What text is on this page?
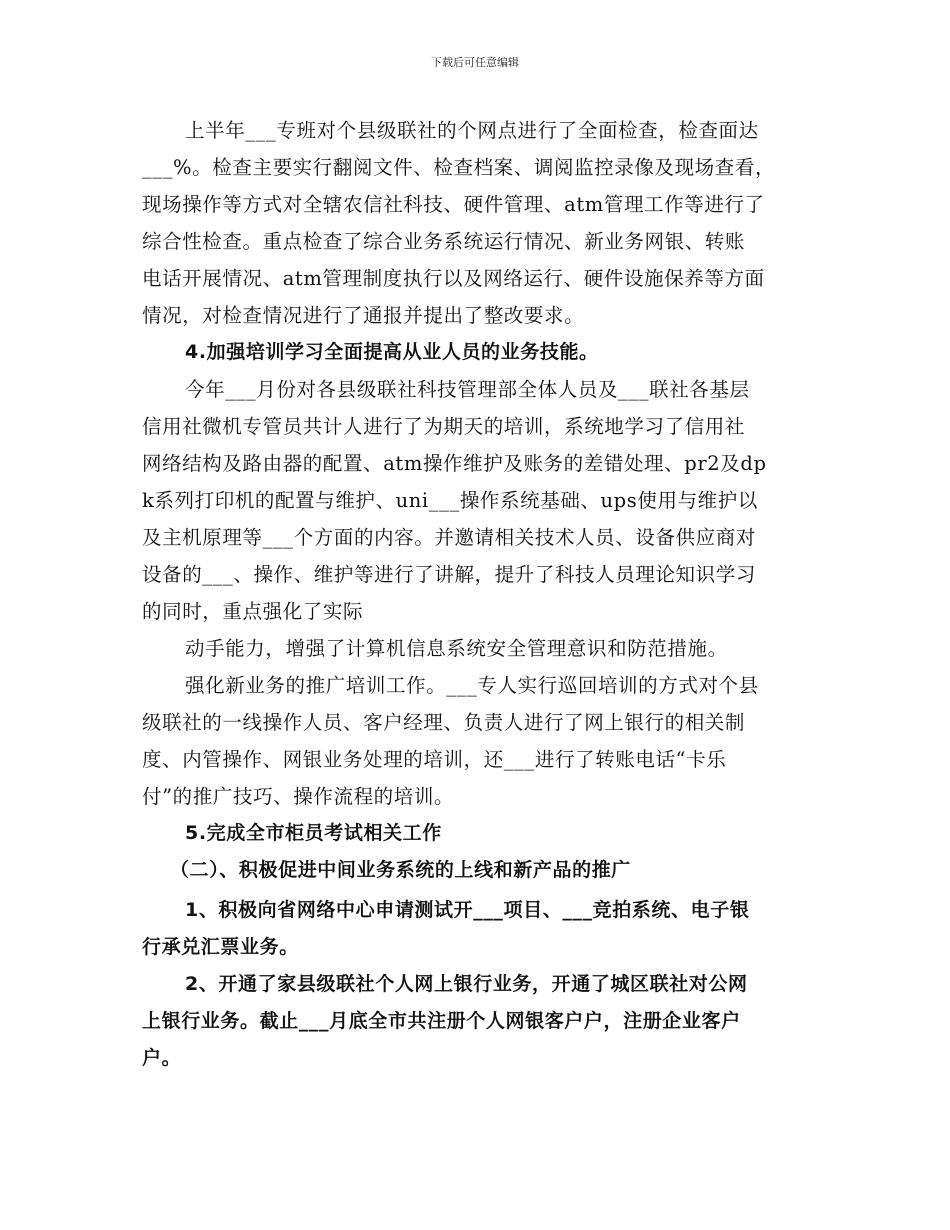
下载后可任意编辑
上半年___专班对个县级联社的个网点进行了全面检查，检查面达
___%。检查主要实行翻阅文件、检查档案、调阅监控录像及现场查看，
现场操作等方式对全辖农信社科技、硬件管理、atm管理工作等进行了
综合性检查。重点检查了综合业务系统运行情况、新业务网银、转账
电话开展情况、atm管理制度执行以及网络运行、硬件设施保养等方面
情况，对检查情况进行了通报并提出了整改要求。
4.加强培训学习全面提高从业人员的业务技能。
今年___月份对各县级联社科技管理部全体人员及___联社各基层
信用社微机专管员共计人进行了为期天的培训，系统地学习了信用社
网络结构及路由器的配置、atm操作维护及账务的差错处理、pr2及dp
k系列打印机的配置与维护、uni___操作系统基础、ups使用与维护以
及主机原理等___个方面的内容。并邀请相关技术人员、设备供应商对
设备的___、操作、维护等进行了讲解，提升了科技人员理论知识学习
的同时，重点强化了实际
动手能力，增强了计算机信息系统安全管理意识和防范措施。
强化新业务的推广培训工作。___专人实行巡回培训的方式对个县
级联社的一线操作人员、客户经理、负责人进行了网上银行的相关制
度、内管操作、网银业务处理的培训，还___进行了转账电话“卡乐
付”的推广技巧、操作流程的培训。
5.完成全市柜员考试相关工作
（二）、积极促进中间业务系统的上线和新产品的推广
1、积极向省网络中心申请测试开___项目、___竞拍系统、电子银
行承兑汇票业务。
2、开通了家县级联社个人网上银行业务，开通了城区联社对公网
上银行业务。截止___月底全市共注册个人网银客户户，注册企业客户
户。
